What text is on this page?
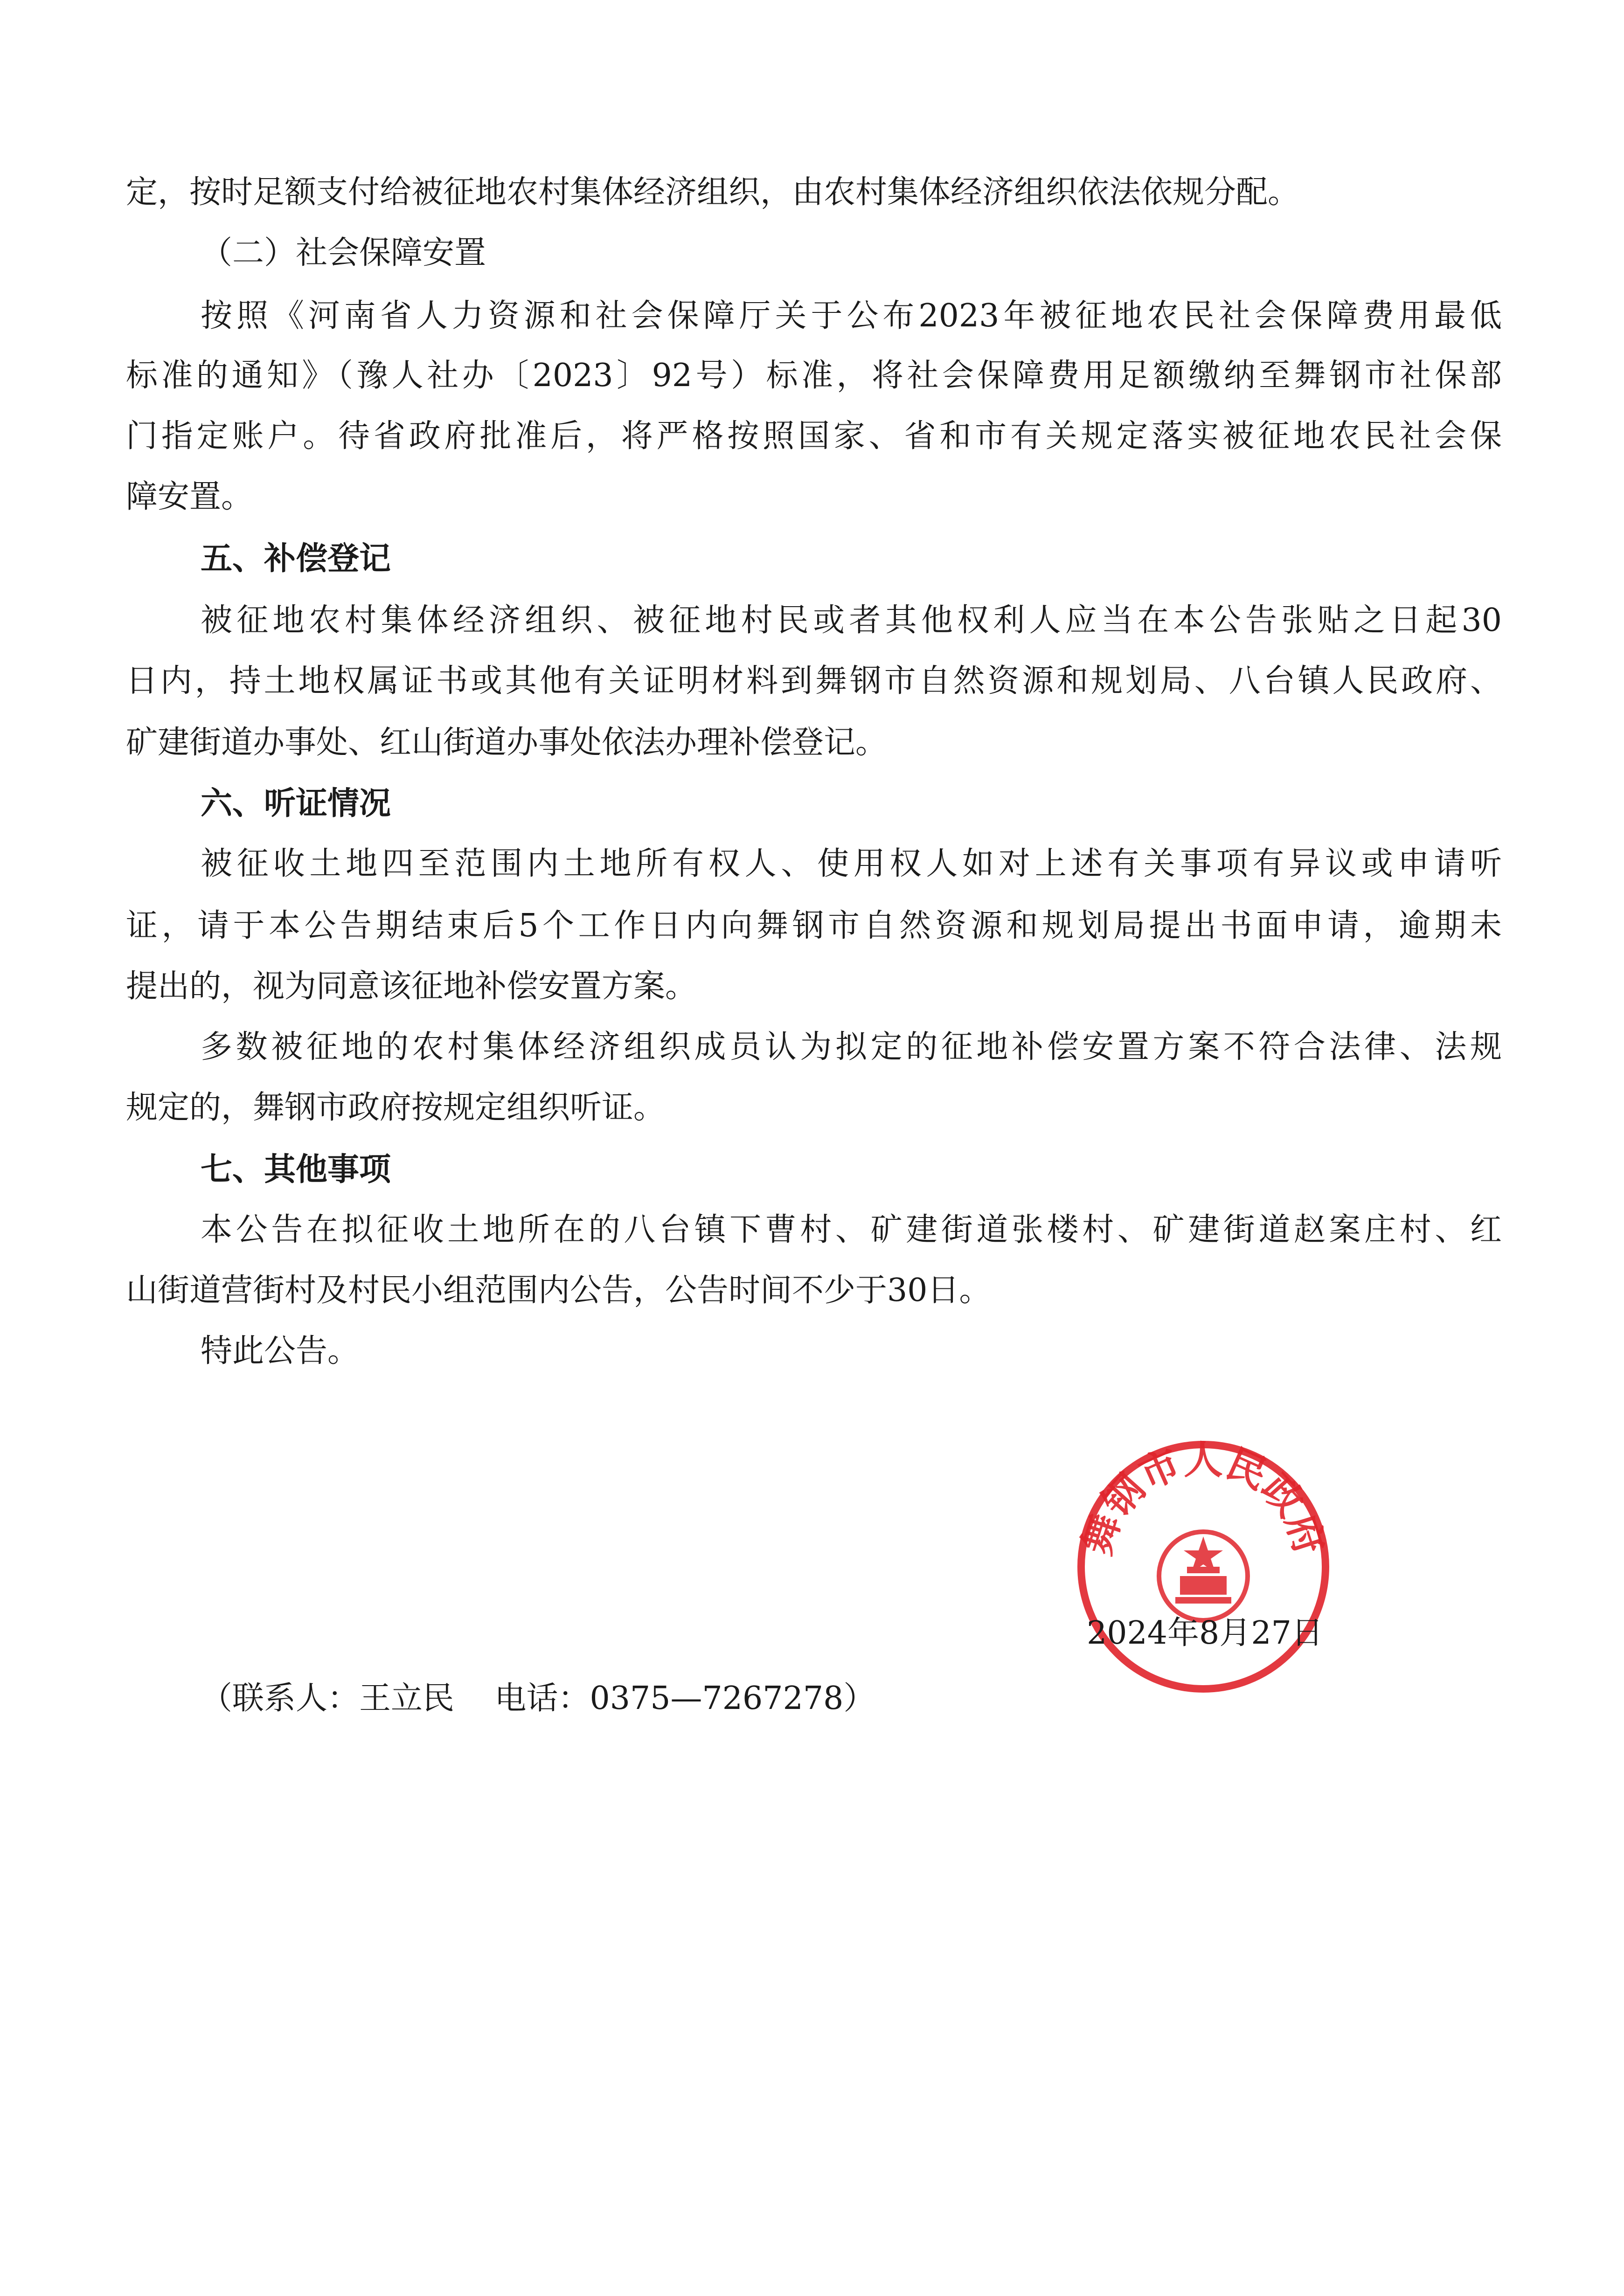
定，按时足额支付给被征地农村集体经济组织，由农村集体经济组织依法依规分配。
（二）社会保障安置
按照《河南省人力资源和社会保障厅关于公布2023年被征地农民社会保障费用最低
标准的通知》（豫人社办〔2023〕92号）标准，将社会保障费用足额缴纳至舞钢市社保部
门指定账户。待省政府批准后，将严格按照国家、省和市有关规定落实被征地农民社会保
障安置。
五、补偿登记
被征地农村集体经济组织、被征地村民或者其他权利人应当在本公告张贴之日起30
日内，持土地权属证书或其他有关证明材料到舞钢市自然资源和规划局、八台镇人民政府、
矿建街道办事处、红山街道办事处依法办理补偿登记。
六、听证情况
被征收土地四至范围内土地所有权人、使用权人如对上述有关事项有异议或申请听
证，请于本公告期结束后5个工作日内向舞钢市自然资源和规划局提出书面申请，逾期未
提出的，视为同意该征地补偿安置方案。
多数被征地的农村集体经济组织成员认为拟定的征地补偿安置方案不符合法律、法规
规定的，舞钢市政府按规定组织听证。
七、其他事项
本公告在拟征收土地所在的八台镇下曹村、矿建街道张楼村、矿建街道赵案庄村、红
山街道营街村及村民小组范围内公告，公告时间不少于30日。
特此公告。
舞钢市人民政府
2024年8月27日
（联系人：王立民    电话：0375—7267278）
